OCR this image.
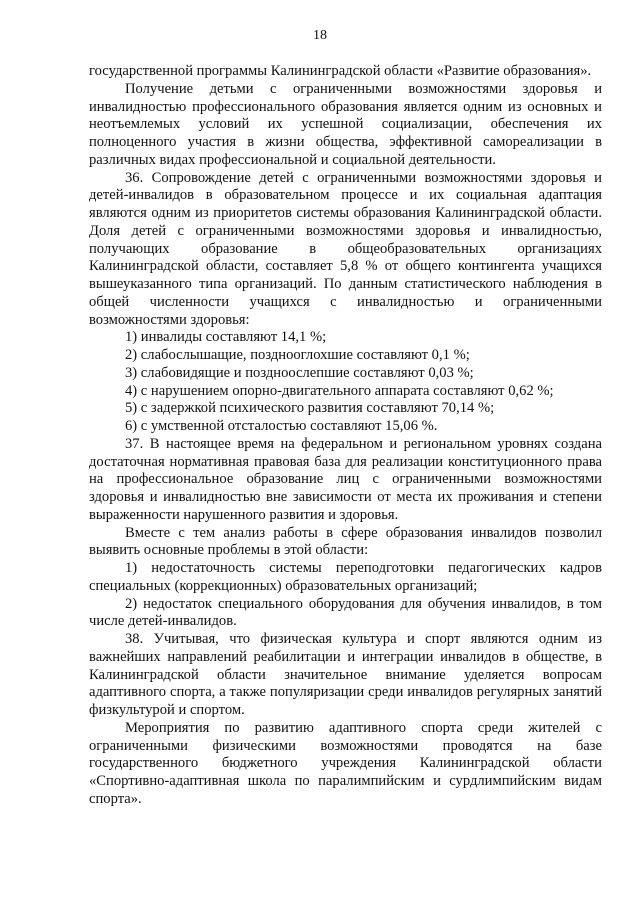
18

государственной программы Калининградской области «Развитие образования».

Получение детьми с ограниченными возможностями здоровья и инвалидностью профессионального образования является одним из основных и неотъемлемых условий их успешной социализации, обеспечения их полноценного участия в жизни общества, эффективной самореализации в различных видах профессиональной и социальной деятельности.

36. Сопровождение детей с ограниченными возможностями здоровья и детей-инвалидов в образовательном процессе и их социальная адаптация являются одним из приоритетов системы образования Калининградской области. Доля детей с ограниченными возможностями здоровья и инвалидностью, получающих образование в общеобразовательных организациях Калининградской области, составляет 5,8 % от общего контингента учащихся вышеуказанного типа организаций. По данным статистического наблюдения в общей численности учащихся с инвалидностью и ограниченными возможностями здоровья:

1) инвалиды составляют 14,1 %;

2) слабослышащие, позднооглохшие составляют 0,1 %;

3) слабовидящие и поздноослепшие составляют 0,03 %;

4) с нарушением опорно-двигательного аппарата составляют 0,62 %;

5) с задержкой психического развития составляют 70,14 %;

6) с умственной отсталостью составляют 15,06 %.

37. В настоящее время на федеральном и региональном уровнях создана достаточная нормативная правовая база для реализации конституционного права на профессиональное образование лиц с ограниченными возможностями здоровья и инвалидностью вне зависимости от места их проживания и степени выраженности нарушенного развития и здоровья.

Вместе с тем анализ работы в сфере образования инвалидов позволил выявить основные проблемы в этой области:

1) недостаточность системы переподготовки педагогических кадров специальных (коррекционных) образовательных организаций;

2) недостаток специального оборудования для обучения инвалидов, в том числе детей-инвалидов.

38. Учитывая, что физическая культура и спорт являются одним из важнейших направлений реабилитации и интеграции инвалидов в обществе, в Калининградской области значительное внимание уделяется вопросам адаптивного спорта, а также популяризации среди инвалидов регулярных занятий физкультурой и спортом.

Мероприятия по развитию адаптивного спорта среди жителей с ограниченными физическими возможностями проводятся на базе государственного бюджетного учреждения Калининградской области «Спортивно-адаптивная школа по паралимпийским и сурдлимпийским видам спорта».
